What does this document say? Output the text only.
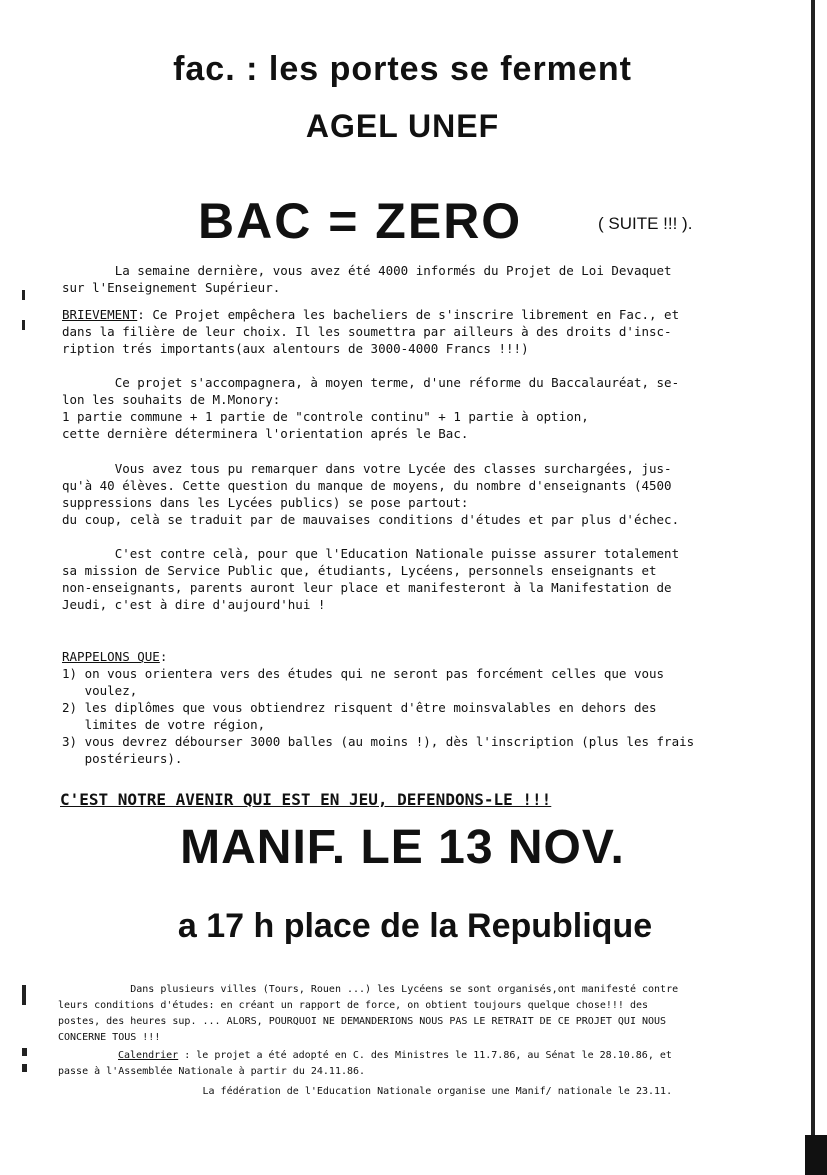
fac. : les portes se ferment
AGEL UNEF
BAC = ZERO	( SUITE !!! ).
La semaine dernière, vous avez été 4000 informés du Projet de Loi Devaquet
sur l'Enseignement Supérieur.
BRIEVEMENT: Ce Projet empêchera les bacheliers de s'inscrire librement en Fac., et
dans la filière de leur choix. Il les soumettra par ailleurs à des droits d'insc-
ription trés importants(aux alentours de 3000-4000 Francs !!!)
Ce projet s'accompagnera, à moyen terme, d'une réforme du Baccalauréat, se-
lon les souhaits de M.Monory:
1 partie commune + 1 partie de "controle continu" + 1 partie à option,
cette dernière déterminera l'orientation aprés le Bac.
Vous avez tous pu remarquer dans votre Lycée des classes surchargées, jus-
qu'à 40 élèves. Cette question du manque de moyens, du nombre d'enseignants (4500
suppressions dans les Lycées publics) se pose partout:
du coup, celà se traduit par de mauvaises conditions d'études et par plus d'échec.
C'est contre celà, pour que l'Education Nationale puisse assurer totalement
sa mission de Service Public que, étudiants, Lycéens, personnels enseignants et
non-enseignants, parents auront leur place et manifesteront à la Manifestation de
Jeudi, c'est à dire d'aujourd'hui !
RAPPELONS QUE:
1) on vous orientera vers des études qui ne seront pas forcément celles que vous
voulez,
2) les diplômes que vous obtiendrez risquent d'être moinsvalables en dehors des
limites de votre région,
3) vous devrez débourser 3000 balles (au moins !), dès l'inscription (plus les frais
postérieurs).
C'EST NOTRE AVENIR QUI EST EN JEU, DEFENDONS-LE !!!
MANIF. LE 13 NOV.
a 17 h place de la Republique
Dans plusieurs villes (Tours, Rouen ...) les Lycéens se sont organisés,ont manifesté contre
leurs conditions d'études: en créant un rapport de force, on obtient toujours quelque chose!!! des
postes, des heures sup. ... ALORS, POURQUOI NE DEMANDERIONS NOUS PAS LE RETRAIT DE CE PROJET QUI NOUS
CONCERNE TOUS !!!
Calendrier : le projet a été adopté en C. des Ministres le 11.7.86, au Sénat le 28.10.86, et
passe à l'Assemblée Nationale à partir du 24.11.86.
La fédération de l'Education Nationale organise une Manif/ nationale le 23.11.
